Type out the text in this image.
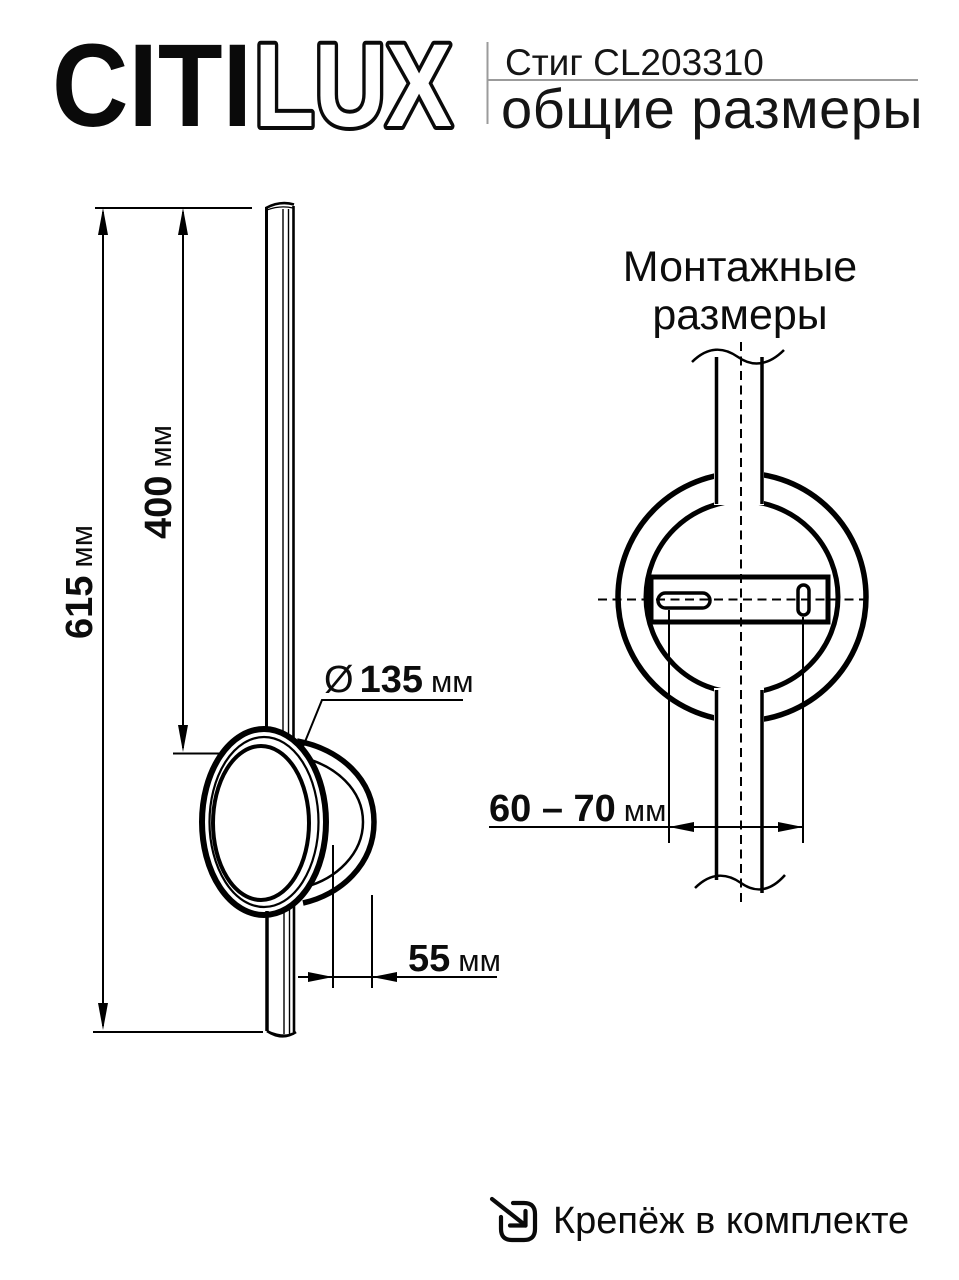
CITI LUX Стиг CL203310
общие размеры
615мм
400мм
Ø 135 мм
55 мм
60 – 70 мм
Монтажные
размеры
Крепёж в комплекте
